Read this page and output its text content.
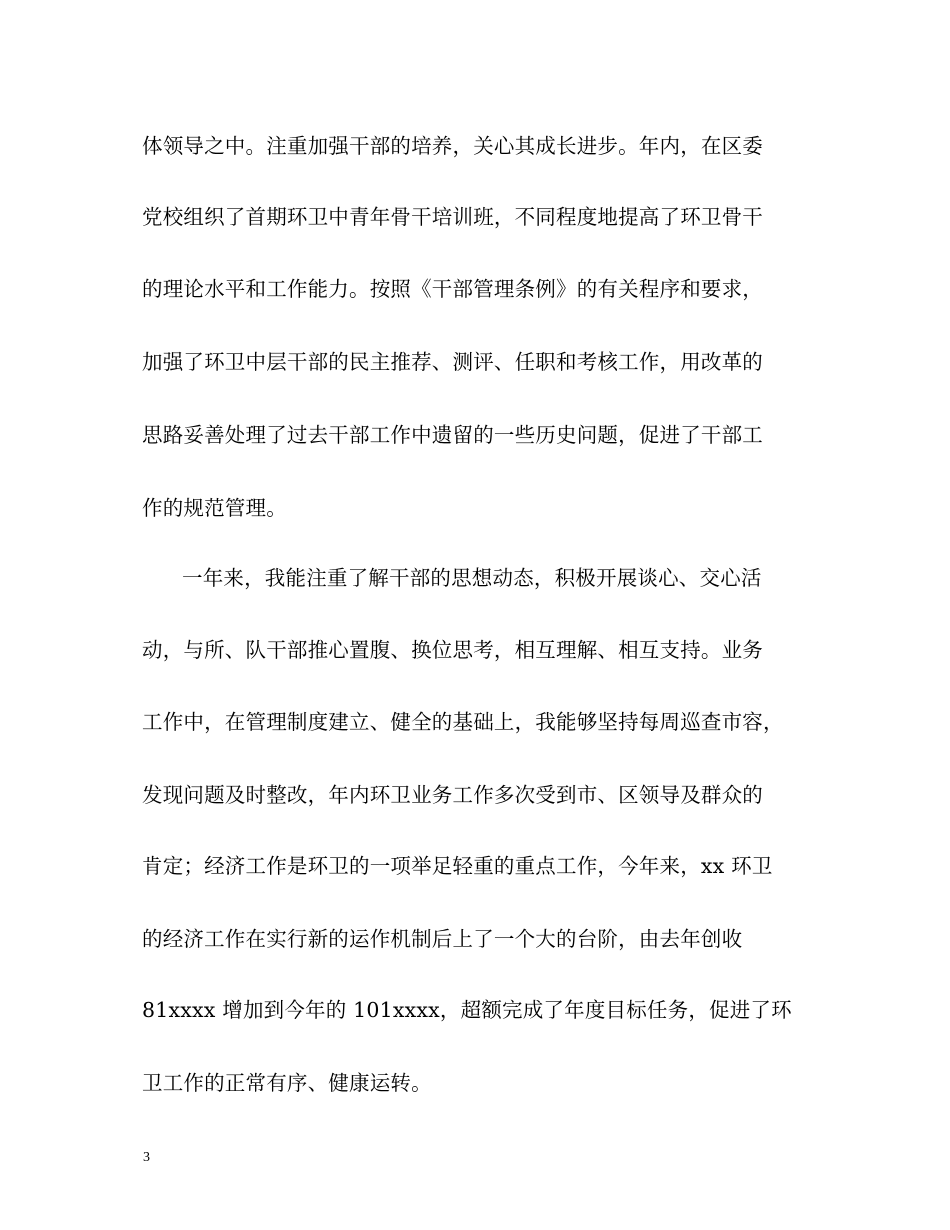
体领导之中。注重加强干部的培养，关心其成长进步。年内，在区委
党校组织了首期环卫中青年骨干培训班，不同程度地提高了环卫骨干
的理论水平和工作能力。按照《干部管理条例》的有关程序和要求，
加强了环卫中层干部的民主推荐、测评、任职和考核工作，用改革的
思路妥善处理了过去干部工作中遗留的一些历史问题，促进了干部工
作的规范管理。
一年来，我能注重了解干部的思想动态，积极开展谈心、交心活
动，与所、队干部推心置腹、换位思考，相互理解、相互支持。业务
工作中，在管理制度建立、健全的基础上，我能够坚持每周巡查市容，
发现问题及时整改，年内环卫业务工作多次受到市、区领导及群众的
肯定；经济工作是环卫的一项举足轻重的重点工作，今年来，xx 环卫
的经济工作在实行新的运作机制后上了一个大的台阶，由去年创收
81xxxx 增加到今年的 101xxxx，超额完成了年度目标任务，促进了环
卫工作的正常有序、健康运转。
3
